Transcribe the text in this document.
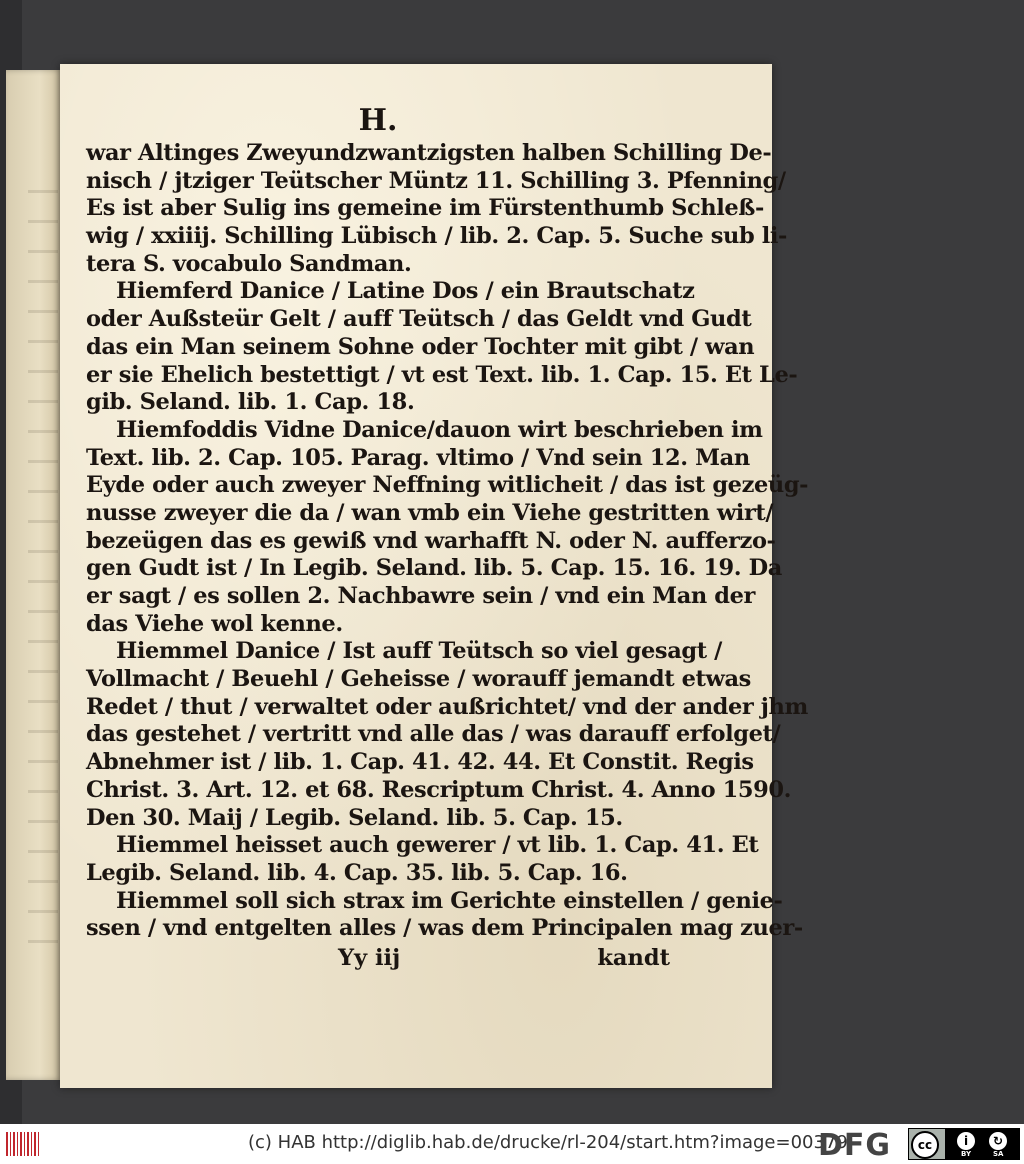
H.
war Altinges Zweyundzwantzigsten halben Schilling De-
nisch / jtziger Teütscher Müntz 11. Schilling 3. Pfenning/
Es ist aber Sulig ins gemeine im Fürstenthumb Schleß-
wig / xxiiij. Schilling Lübisch / lib. 2. Cap. 5. Suche sub li-
tera S. vocabulo Sandman.
Hiemferd Danice / Latine Dos / ein Brautschatz
oder Außsteür Gelt / auff Teütsch / das Geldt vnd Gudt
das ein Man seinem Sohne oder Tochter mit gibt / wan
er sie Ehelich bestettigt / vt est Text. lib. 1. Cap. 15. Et Le-
gib. Seland. lib. 1. Cap. 18.
Hiemfoddis Vidne Danice/dauon wirt beschrieben im
Text. lib. 2. Cap. 105. Parag. vltimo / Vnd sein 12. Man
Eyde oder auch zweyer Neffning witlicheit / das ist gezeüg-
nusse zweyer die da / wan vmb ein Viehe gestritten wirt/
bezeügen das es gewiß vnd warhafft N. oder N. aufferzo-
gen Gudt ist / In Legib. Seland. lib. 5. Cap. 15. 16. 19. Da
er sagt / es sollen 2. Nachbawre sein / vnd ein Man der
das Viehe wol kenne.
Hiemmel Danice / Ist auff Teütsch so viel gesagt /
Vollmacht / Beuehl / Geheisse / worauff jemandt etwas
Redet / thut / verwaltet oder außrichtet/ vnd der ander jhm
das gestehet / vertritt vnd alle das / was darauff erfolget/
Abnehmer ist / lib. 1. Cap. 41. 42. 44. Et Constit. Regis
Christ. 3. Art. 12. et 68. Rescriptum Christ. 4. Anno 1590.
Den 30. Maij / Legib. Seland. lib. 5. Cap. 15.
Hiemmel heisset auch gewerer / vt lib. 1. Cap. 41. Et
Legib. Seland. lib. 4. Cap. 35. lib. 5. Cap. 16.
Hiemmel soll sich strax im Gerichte einstellen / genie-
ssen / vnd entgelten alles / was dem Principalen mag zuer-
Yy iij	kandt
(c) HAB http://diglib.hab.de/drucke/rl-204/start.htm?image=00379
DFG	cc	i	↻
BY	SA
